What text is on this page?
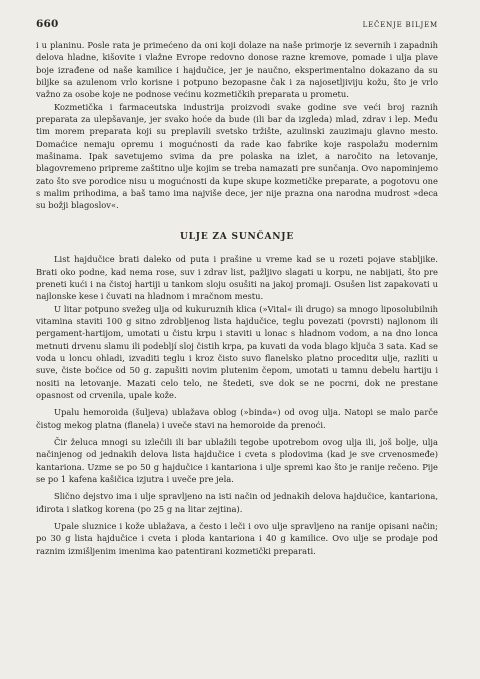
660	LEČENJE BILJEM

i u planinu. Posle rata je primećeno da oni koji dolaze na naše primorje iz severnih i zapadnih delova hladne, kišovite i vlažne Evrope redovno donose razne kremove, pomade i ulja plave boje izrađene od naše kamilice i hajdučice, jer je naučno, eksperimentalno dokazano da su biljke sa azulenom vrlo korisne i potpuno bezopasne čak i za najosetljiviju kožu, što je vrlo važno za osobe koje ne podnose većinu kozmetičkih preparata u prometu.

Kozmetička i farmaceutska industrija proizvodi svake godine sve veći broj raznih preparata za ulepšavanje, jer svako hoće da bude (ili bar da izgleda) mlad, zdrav i lep. Među tim morem preparata koji su preplavili svetsko tržište, azulinski zauzimaju glavno mesto. Domaćice nemaju opremu i mogućnosti da rade kao fabrike koje raspolažu modernim mašinama. Ipak savetujemo svima da pre polaska na izlet, a naročito na letovanje, blagovremeno pripreme zaštitno ulje kojim se treba namazati pre sunčanja. Ovo napominjemo zato što sve porodice nisu u mogućnosti da kupe skupe kozmetičke preparate, a pogotovu one s malim prihodima, a baš tamo ima najviše dece, jer nije prazna ona narodna mudrost »deca su božji blagoslov«.

ULJE ZA SUNČANJE

List hajdučice brati daleko od puta i prašine u vreme kad se u rozeti pojave stabljike. Brati oko podne, kad nema rose, suv i zdrav list, pažljivo slagati u korpu, ne nabijati, što pre preneti kući i na čistoj hartiji u tankom sloju osušiti na jakoj promaji. Osušen list zapakovati u najlonske kese i čuvati na hladnom i mračnom mestu.

U litar potpuno svežeg ulja od kukuruznih klica (»Vital« ili drugo) sa mnogo liposolubilnih vitamina staviti 100 g sitno zdrobljenog lista hajdučice, teglu povezati (povrsti) najlonom ili pergament-hartijom, umotati u čistu krpu i staviti u lonac s hladnom vodom, a na dno lonca metnuti drvenu slamu ili podebljí sloj čistih krpa, pa kuvati da voda blago ključa 3 sata. Kad se voda u loncu ohladi, izvaditi teglu i kroz čisto suvo flanelsko platno proceditи ulje, razliti u suve, čiste bočice od 50 g. zapušiti novim plutenim čepom, umotati u tamnu debelu hartiju i nositi na letovanje. Mazati celo telo, ne štedeti, sve dok se ne pocrni, dok ne prestane opasnost od crvenila, upale kože.

Upalu hemoroida (šuljeva) ublažava oblog (»binda«) od ovog ulja. Natopi se malo parče čistog mekog platna (flanela) i uveče stavi na hemoroide da prenoći.

Čir želuca mnogi su izlečili ili bar ublažili tegobe upotrebom ovog ulja ili, još bolje, ulja načinjenog od jednakih delova lista hajdučice i cveta s plodovima (kad je sve crvenosmeđe) kantariona. Uzme se po 50 g hajdučice i kantariona i ulje spremi kao što je ranije rečeno. Pije se po 1 kafena kašičica izjutra i uveče pre jela.

Slično dejstvo ima i ulje spravljeno na isti način od jednakih delova hajdučice, kantariona, iđirota i slatkog korena (po 25 g na litar zejtina).

Upale sluznice i kože ublažava, a često i leči i ovo ulje spravljeno na ranije opisani način; po 30 g lista hajdučice i cveta i ploda kantariona i 40 g kamilice. Ovo ulje se prodaje pod raznim izmišljenim imenima kao patentirani kozmetički preparati.
